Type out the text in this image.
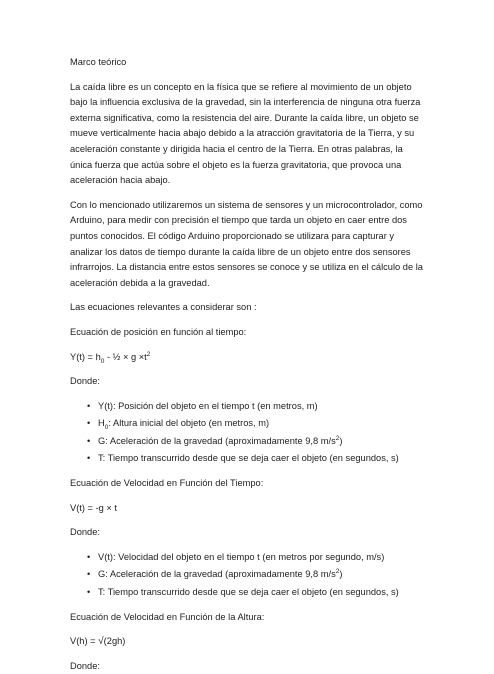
Marco teórico

La caída libre es un concepto en la física que se refiere al movimiento de un objeto bajo la influencia exclusiva de la gravedad, sin la interferencia de ninguna otra fuerza externa significativa, como la resistencia del aire. Durante la caída libre, un objeto se mueve verticalmente hacia abajo debido a la atracción gravitatoria de la Tierra, y su aceleración constante y dirigida hacia el centro de la Tierra. En otras palabras, la única fuerza que actúa sobre el objeto es la fuerza gravitatoria, que provoca una aceleración hacia abajo.

Con lo mencionado utilizaremos un sistema de sensores y un microcontrolador, como Arduino, para medir con precisión el tiempo que tarda un objeto en caer entre dos puntos conocidos. El código Arduino proporcionado se utilizara para capturar y analizar los datos de tiempo durante la caída libre de un objeto entre dos sensores infrarrojos. La distancia entre estos sensores se conoce y se utiliza en el cálculo de la aceleración debida a la gravedad.

Las ecuaciones relevantes a considerar son :

Ecuación de posición en función al tiempo:

$Y(t) = h_0$ - ½ × $g \times t^2$

Donde:

• Y(t): Posición del objeto en el tiempo t (en metros, m)
• $H_0$: Altura inicial del objeto (en metros, m)
• G: Aceleración de la gravedad (aproximadamente 9,8 $m/s^2$)
• T: Tiempo transcurrido desde que se deja caer el objeto (en segundos, s)

Ecuación de Velocidad en Función del Tiempo:

V(t) = -g × t

Donde:

• V(t): Velocidad del objeto en el tiempo t (en metros por segundo, m/s)
• G: Aceleración de la gravedad (aproximadamente 9,8 $m/s^2$)
• T: Tiempo transcurrido desde que se deja caer el objeto (en segundos, s)

Ecuación de Velocidad en Función de la Altura:

V(h) = √(2gh)

Donde:
